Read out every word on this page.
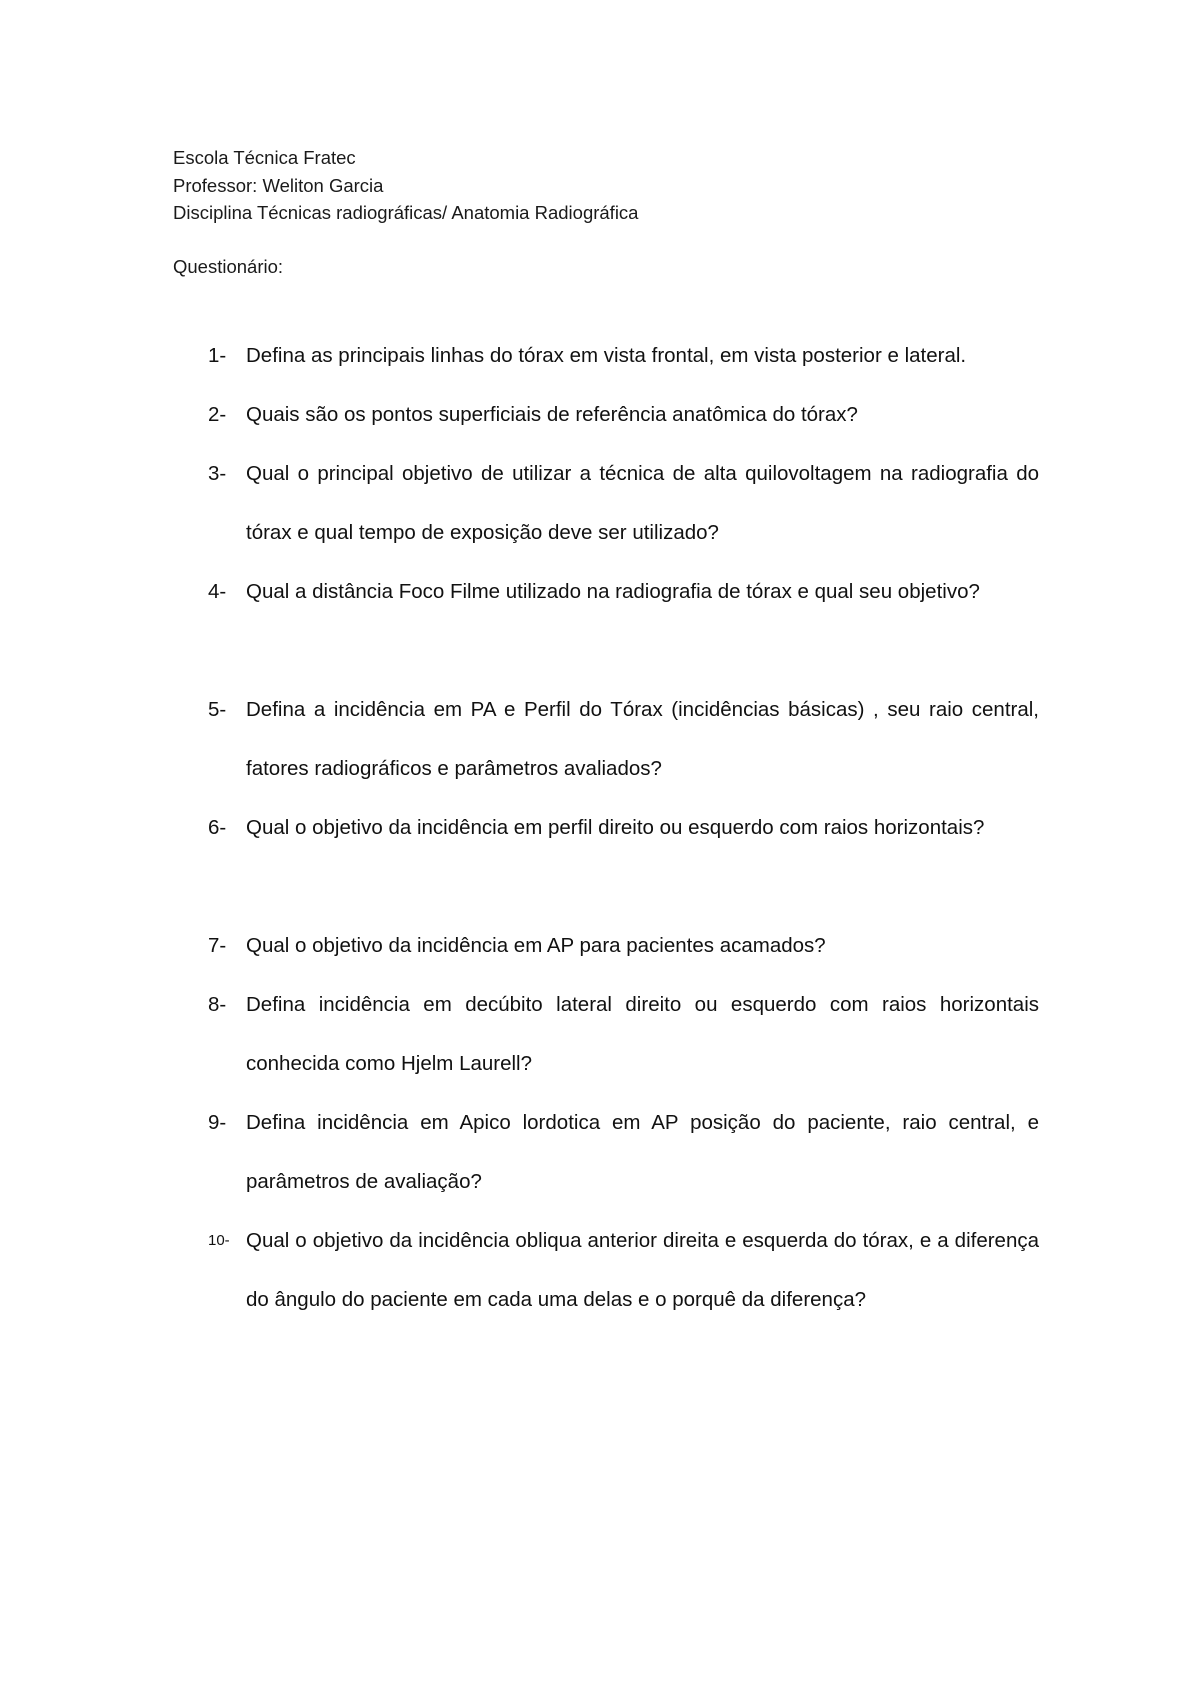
Escola Técnica Fratec
Professor: Weliton Garcia
Disciplina Técnicas radiográficas/ Anatomia Radiográfica
Questionário:
1- Defina as principais linhas do tórax em vista frontal, em vista posterior e lateral.
2- Quais são os pontos superficiais de referência anatômica do tórax?
3- Qual o principal objetivo de utilizar a técnica de alta quilovoltagem na radiografia do tórax e qual tempo de exposição deve ser utilizado?
4- Qual a distância Foco Filme utilizado na radiografia de tórax e qual seu objetivo?
5- Defina a incidência em PA e Perfil do Tórax (incidências básicas) , seu raio central, fatores radiográficos e parâmetros avaliados?
6- Qual o objetivo da incidência em perfil direito ou esquerdo com raios horizontais?
7- Qual o objetivo da incidência em AP para pacientes acamados?
8- Defina incidência em decúbito lateral direito ou esquerdo com raios horizontais conhecida como Hjelm Laurell?
9- Defina incidência em Apico lordotica em AP posição do paciente, raio central, e parâmetros de avaliação?
10- Qual o objetivo da incidência obliqua anterior direita e esquerda do tórax, e a diferença do ângulo do paciente em cada uma delas e o porquê da diferença?
